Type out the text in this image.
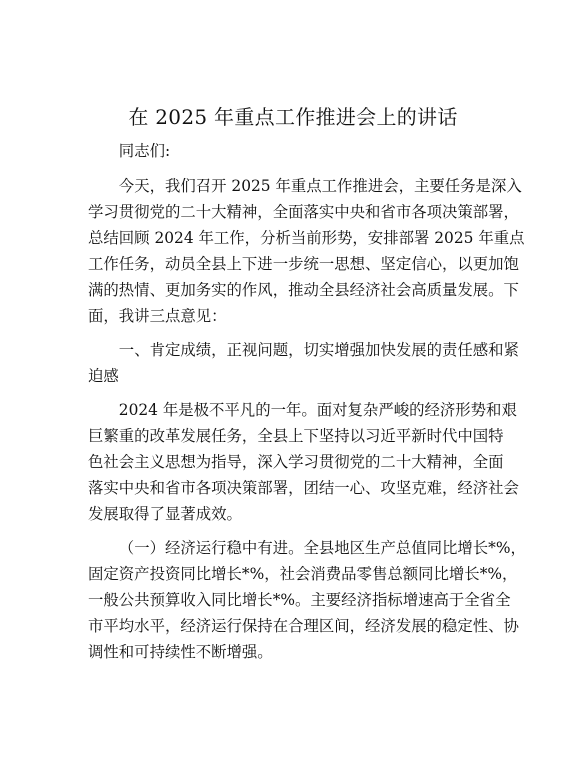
在 2025 年重点工作推进会上的讲话
同志们:
今天，我们召开 2025 年重点工作推进会，主要任务是深入
学习贯彻党的二十大精神，全面落实中央和省市各项决策部署，
总结回顾 2024 年工作，分析当前形势，安排部署 2025 年重点
工作任务，动员全县上下进一步统一思想、坚定信心，以更加饱
满的热情、更加务实的作风，推动全县经济社会高质量发展。下
面，我讲三点意见：
一、肯定成绩，正视问题，切实增强加快发展的责任感和紧
迫感
2024 年是极不平凡的一年。面对复杂严峻的经济形势和艰
巨繁重的改革发展任务，全县上下坚持以习近平新时代中国特
色社会主义思想为指导，深入学习贯彻党的二十大精神，全面
落实中央和省市各项决策部署，团结一心、攻坚克难，经济社会
发展取得了显著成效。
（一）经济运行稳中有进。全县地区生产总值同比增长*%，
固定资产投资同比增长*%，社会消费品零售总额同比增长*%，
一般公共预算收入同比增长*%。主要经济指标增速高于全省全
市平均水平，经济运行保持在合理区间，经济发展的稳定性、协
调性和可持续性不断增强。
